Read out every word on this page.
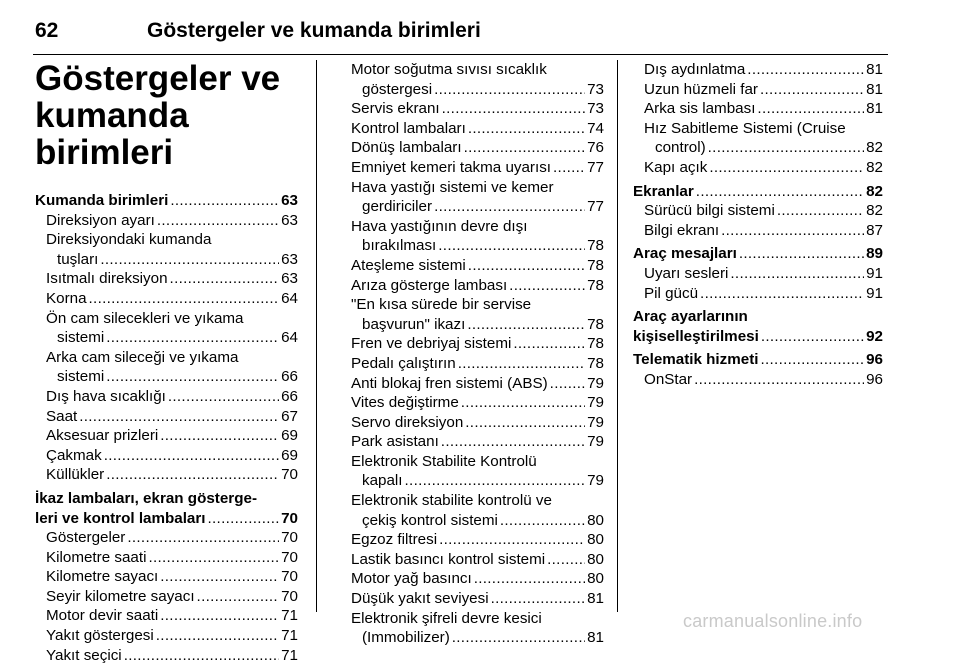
62	Göstergeler ve kumanda birimleri
Göstergeler ve
kumanda birimleri
Kumanda birimleri .....	63
Direksiyon ayarı .....	63
Direksiyondaki kumanda
tuşları .....	63
Isıtmalı direksiyon .....	63
Korna .....	64
Ön cam silecekleri ve yıkama
sistemi .....	64
Arka cam sileceği ve yıkama
sistemi .....	66
Dış hava sıcaklığı .....	66
Saat .....	67
Aksesuar prizleri .....	69
Çakmak .....	69
Küllükler .....	70
İkaz lambaları, ekran gösterge-
leri ve kontrol lambaları .....	70
Göstergeler .....	70
Kilometre saati .....	70
Kilometre sayacı .....	70
Seyir kilometre sayacı .....	70
Motor devir saati .....	71
Yakıt göstergesi .....	71
Yakıt seçici .....	71
Motor soğutma sıvısı sıcaklık
göstergesi .....	73
Servis ekranı .....	73
Kontrol lambaları .....	74
Dönüş lambaları .....	76
Emniyet kemeri takma uyarısı ..... 77
Hava yastığı sistemi ve kemer
gerdiriciler .....	77
Hava yastığının devre dışı
bırakılması .....	78
Ateşleme sistemi .....	78
Arıza gösterge lambası .....	78
"En kısa sürede bir servise
başvurun" ikazı .....	78
Fren ve debriyaj sistemi .....	78
Pedalı çalıştırın .....	78
Anti blokaj fren sistemi (ABS) .....	79
Vites değiştirme .....	79
Servo direksiyon .....	79
Park asistanı .....	79
Elektronik Stabilite Kontrolü
kapalı .....	79
Elektronik stabilite kontrolü ve
çekiş kontrol sistemi .....	80
Egzoz filtresi .....	80
Lastik basıncı kontrol sistemi .....	80
Motor yağ basıncı .....	80
Düşük yakıt seviyesi .....	81
Elektronik şifreli devre kesici
(Immobilizer) .....	81
Dış aydınlatma .....	81
Uzun hüzmeli far .....	81
Arka sis lambası .....	81
Hız Sabitleme Sistemi (Cruise
control) .....	82
Kapı açık .....	82
Ekranlar .....	82
Sürücü bilgi sistemi .....	82
Bilgi ekranı .....	87
Araç mesajları .....	89
Uyarı sesleri .....	91
Pil gücü .....	91
Araç ayarlarının
kişiselleştirilmesi .....	92
Telematik hizmeti .....	96
OnStar .....	96
carmanualsonline.info
